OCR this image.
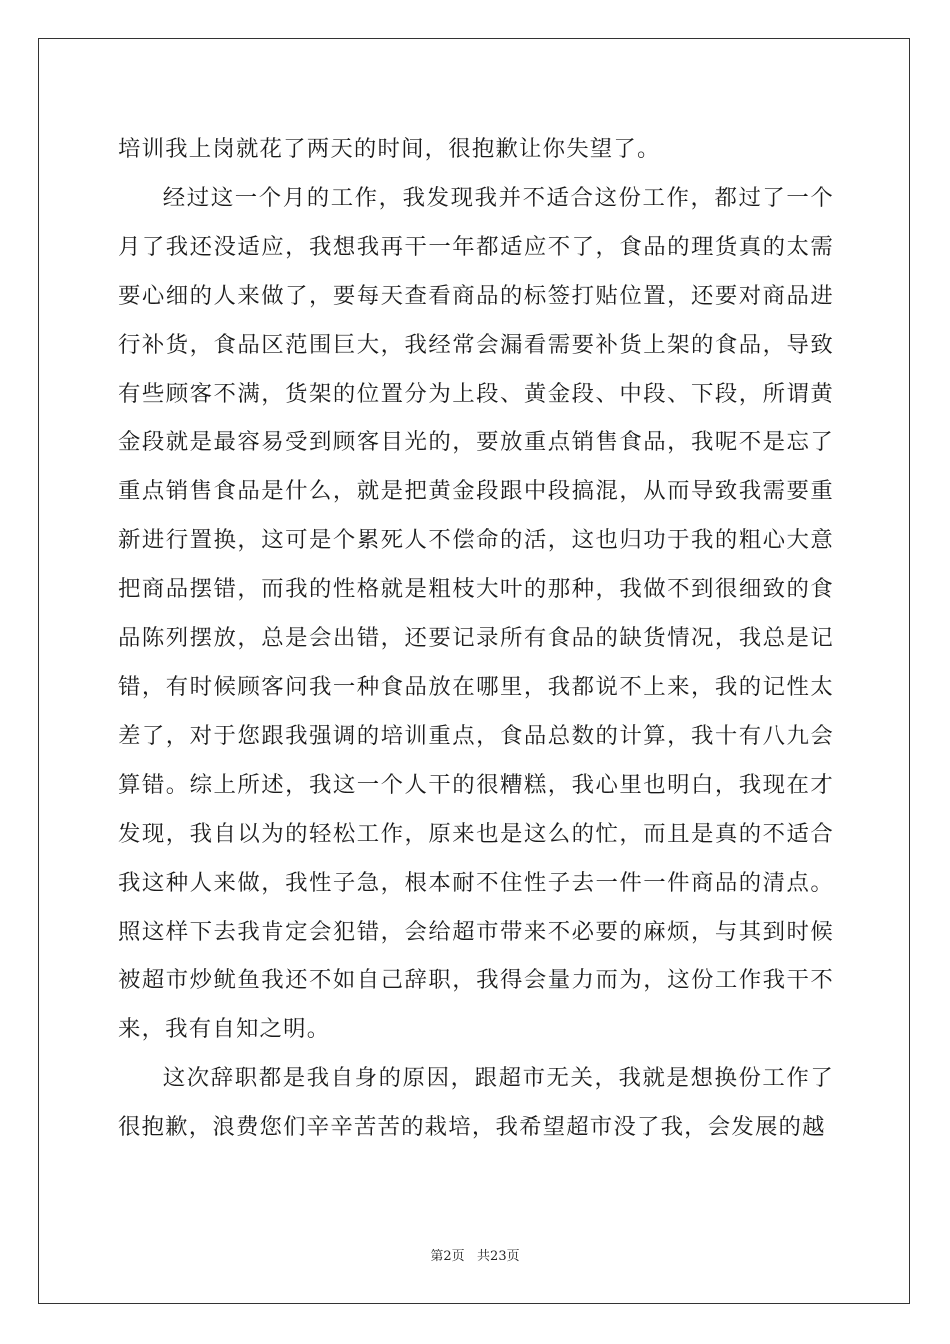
培训我上岗就花了两天的时间，很抱歉让你失望了。

经过这一个月的工作，我发现我并不适合这份工作，都过了一个月了我还没适应，我想我再干一年都适应不了，食品的理货真的太需要心细的人来做了，要每天查看商品的标签打贴位置，还要对商品进行补货，食品区范围巨大，我经常会漏看需要补货上架的食品，导致有些顾客不满，货架的位置分为上段、黄金段、中段、下段，所谓黄金段就是最容易受到顾客目光的，要放重点销售食品，我呢不是忘了重点销售食品是什么，就是把黄金段跟中段搞混，从而导致我需要重新进行置换，这可是个累死人不偿命的活，这也归功于我的粗心大意把商品摆错，而我的性格就是粗枝大叶的那种，我做不到很细致的食品陈列摆放，总是会出错，还要记录所有食品的缺货情况，我总是记错，有时候顾客问我一种食品放在哪里，我都说不上来，我的记性太差了，对于您跟我强调的培训重点，食品总数的计算，我十有八九会算错。综上所述，我这一个人干的很糟糕，我心里也明白，我现在才发现，我自以为的轻松工作，原来也是这么的忙，而且是真的不适合我这种人来做，我性子急，根本耐不住性子去一件一件商品的清点。照这样下去我肯定会犯错，会给超市带来不必要的麻烦，与其到时候被超市炒鱿鱼我还不如自己辞职，我得会量力而为，这份工作我干不来，我有自知之明。

这次辞职都是我自身的原因，跟超市无关，我就是想换份工作了很抱歉，浪费您们辛辛苦苦的栽培，我希望超市没了我，会发展的越

第2页   共23页
